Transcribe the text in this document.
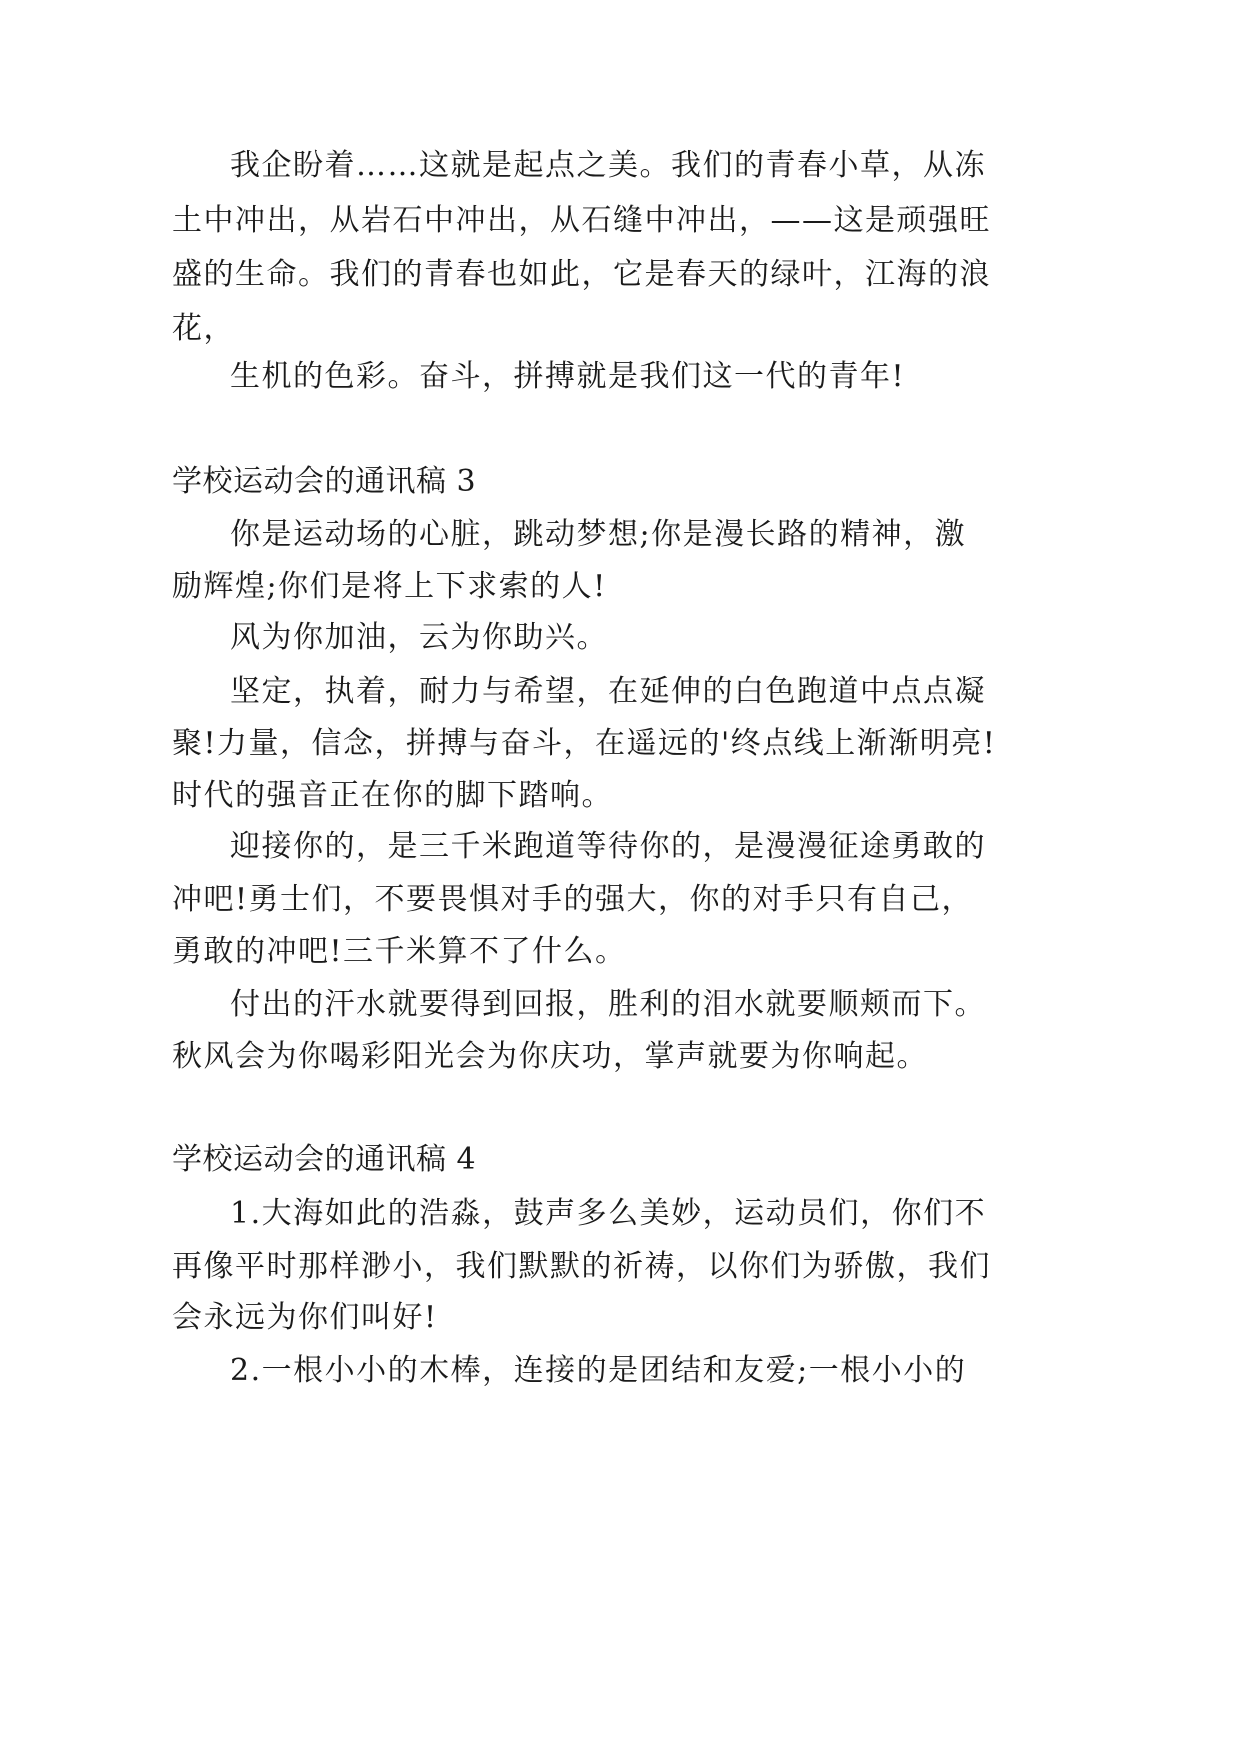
我企盼着……这就是起点之美。我们的青春小草，从冻

土中冲出，从岩石中冲出，从石缝中冲出，——这是顽强旺

盛的生命。我们的青春也如此，它是春天的绿叶，江海的浪

花，

生机的色彩。奋斗，拼搏就是我们这一代的青年!

学校运动会的通讯稿 3

你是运动场的心脏，跳动梦想;你是漫长路的精神，激

励辉煌;你们是将上下求索的人!

风为你加油，云为你助兴。

坚定，执着，耐力与希望，在延伸的白色跑道中点点凝

聚!力量，信念，拼搏与奋斗，在遥远的'终点线上渐渐明亮!

时代的强音正在你的脚下踏响。

迎接你的，是三千米跑道等待你的，是漫漫征途勇敢的

冲吧!勇士们，不要畏惧对手的强大，你的对手只有自己，

勇敢的冲吧!三千米算不了什么。

付出的汗水就要得到回报，胜利的泪水就要顺颊而下。

秋风会为你喝彩阳光会为你庆功，掌声就要为你响起。

学校运动会的通讯稿 4

1.大海如此的浩淼，鼓声多么美妙，运动员们，你们不

再像平时那样渺小，我们默默的祈祷，以你们为骄傲，我们

会永远为你们叫好!

2.一根小小的木棒，连接的是团结和友爱;一根小小的
